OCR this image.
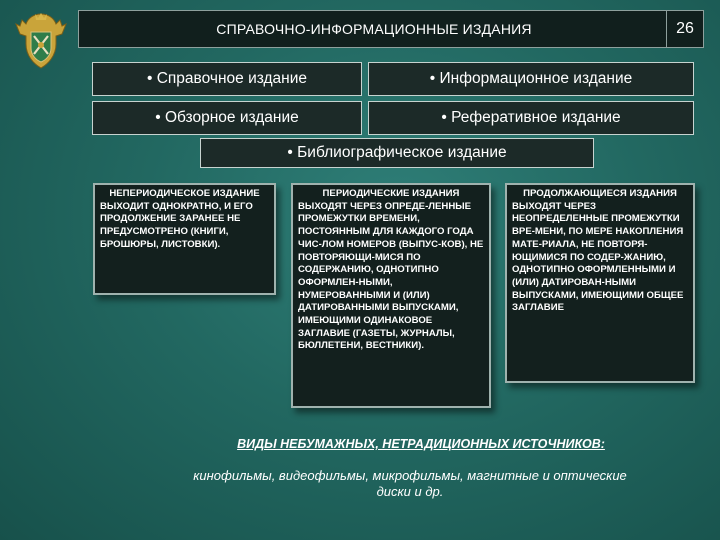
СПРАВОЧНО-ИНФОРМАЦИОННЫЕ ИЗДАНИЯ	26
• Справочное издание	• Информационное издание
• Обзорное издание	• Реферативное издание
• Библиографическое издание
НЕПЕРИОДИЧЕСКОЕ ИЗДАНИЕ
ВЫХОДИТ ОДНОКРАТНО, И ЕГО ПРОДОЛЖЕНИЕ ЗАРАНЕЕ НЕ ПРЕДУСМОТРЕНО (КНИГИ, БРОШЮРЫ, ЛИСТОВКИ).
ПЕРИОДИЧЕСКИЕ ИЗДАНИЯ
ВЫХОДЯТ ЧЕРЕЗ ОПРЕДЕ-ЛЕННЫЕ ПРОМЕЖУТКИ ВРЕМЕНИ, ПОСТОЯННЫМ ДЛЯ КАЖДОГО ГОДА ЧИС-ЛОМ НОМЕРОВ (ВЫПУС-КОВ), НЕ ПОВТОРЯЮЩИ-МИСЯ ПО СОДЕРЖАНИЮ, ОДНОТИПНО ОФОРМЛЕН-НЫМИ, НУМЕРОВАННЫМИ И (ИЛИ) ДАТИРОВАННЫМИ ВЫПУСКАМИ, ИМЕЮЩИМИ ОДИНАКОВОЕ ЗАГЛАВИЕ (ГАЗЕТЫ, ЖУРНАЛЫ, БЮЛЛЕТЕНИ, ВЕСТНИКИ).
ПРОДОЛЖАЮЩИЕСЯ ИЗДАНИЯ
ВЫХОДЯТ ЧЕРЕЗ НЕОПРЕДЕЛЕННЫЕ ПРОМЕЖУТКИ ВРЕ-МЕНИ, ПО МЕРЕ НАКОПЛЕНИЯ МАТЕ-РИАЛА, НЕ ПОВТОРЯ-ЮЩИМИСЯ ПО СОДЕР-ЖАНИЮ, ОДНОТИПНО ОФОРМЛЕННЫМИ И (ИЛИ) ДАТИРОВАН-НЫМИ ВЫПУСКАМИ, ИМЕЮЩИМИ ОБЩЕЕ ЗАГЛАВИЕ
ВИДЫ НЕБУМАЖНЫХ, НЕТРАДИЦИОННЫХ ИСТОЧНИКОВ:
кинофильмы, видеофильмы, микрофильмы, магнитные и оптические
диски и др.
